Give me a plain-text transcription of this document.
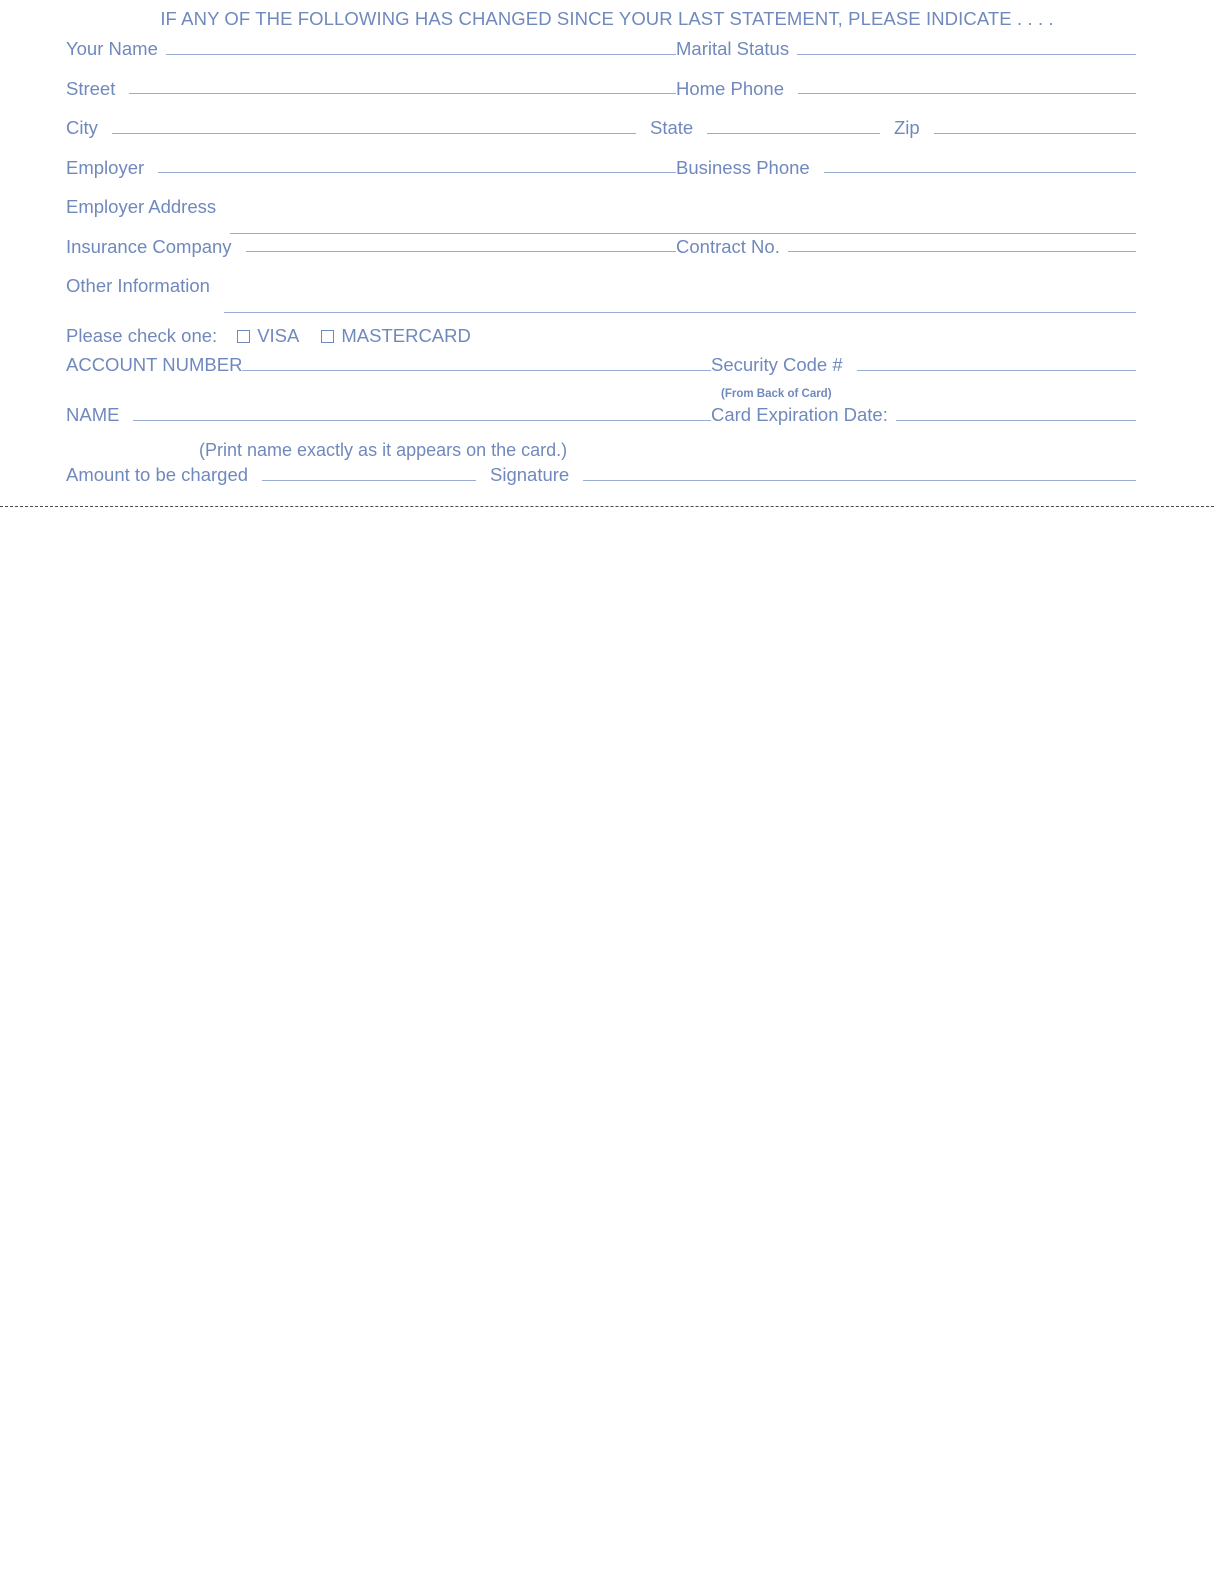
IF ANY OF THE FOLLOWING HAS CHANGED SINCE YOUR LAST STATEMENT, PLEASE INDICATE . . . .
Your Name	Marital Status
Street	Home Phone
City	State	Zip
Employer	Business Phone
Employer Address
Insurance Company	Contract No.
Other Information
Please check one: VISA MASTERCARD
ACCOUNT NUMBER	Security Code #
(From Back of Card)
NAME	Card Expiration Date:
(Print name exactly as it appears on the card.)
Amount to be charged	Signature
